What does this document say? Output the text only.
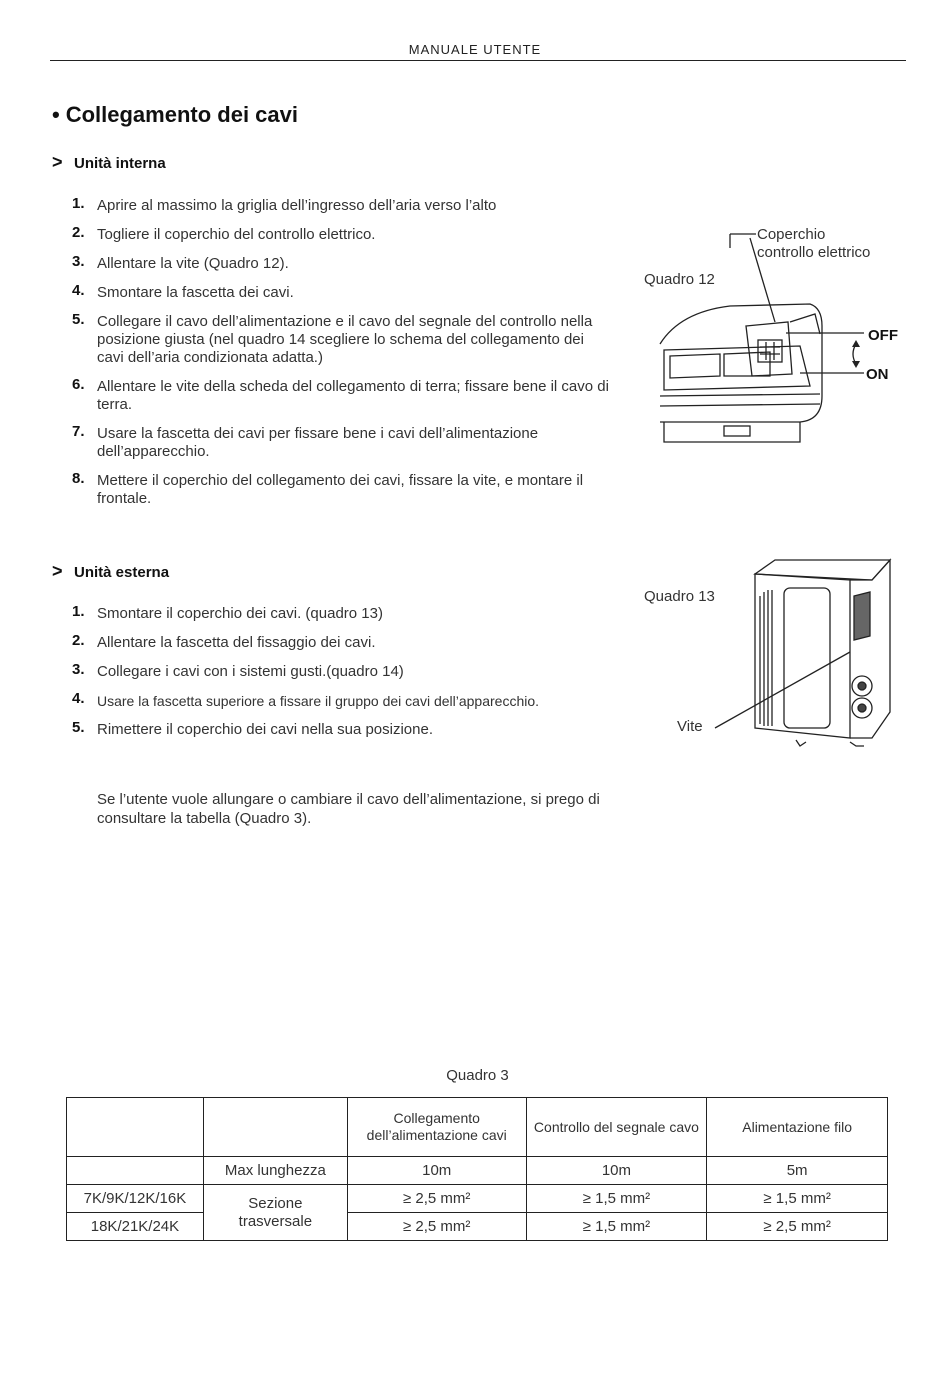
MANUALE UTENTE
• Collegamento dei cavi
> Unità interna
1. Aprire al massimo la griglia dell’ingresso dell’aria verso l’alto
2. Togliere il coperchio del controllo elettrico.
3. Allentare la vite (Quadro 12).
4. Smontare la fascetta dei cavi.
5. Collegare il cavo dell’alimentazione e il cavo del segnale del controllo nella posizione giusta (nel quadro 14 scegliere lo schema del collegamento dei cavi dell’aria condizionata adatta.)
6. Allentare le vite della scheda del collegamento di terra; fissare bene il cavo di terra.
7. Usare la fascetta dei cavi per fissare bene i cavi dell’alimentazione dell’apparecchio.
8. Mettere il coperchio del collegamento dei cavi, fissare la vite, e montare il frontale.
> Unità esterna
1. Smontare il coperchio dei cavi. (quadro 13)
2. Allentare la fascetta del fissaggio dei cavi.
3. Collegare i cavi con i sistemi gusti.(quadro 14)
4. Usare la fascetta superiore a fissare il gruppo dei cavi dell’apparecchio.
5. Rimettere il coperchio dei cavi nella sua posizione.
Se l’utente vuole allungare o cambiare il cavo dell’alimentazione, si prego di consultare la tabella (Quadro 3).
Quadro 12
Coperchio
controllo elettrico
OFF
ON
Quadro 13
Vite
Quadro 3
		Collegamento dell’alimentazione cavi	Controllo del segnale cavo	Alimentazione filo
	Max lunghezza	10m	10m	5m
7K/9K/12K/16K	Sezione trasversale	≥ 2,5 mm²	≥ 1,5 mm²	≥ 1,5 mm²
18K/21K/24K		≥ 2,5 mm²	≥ 1,5 mm²	≥ 2,5 mm²
